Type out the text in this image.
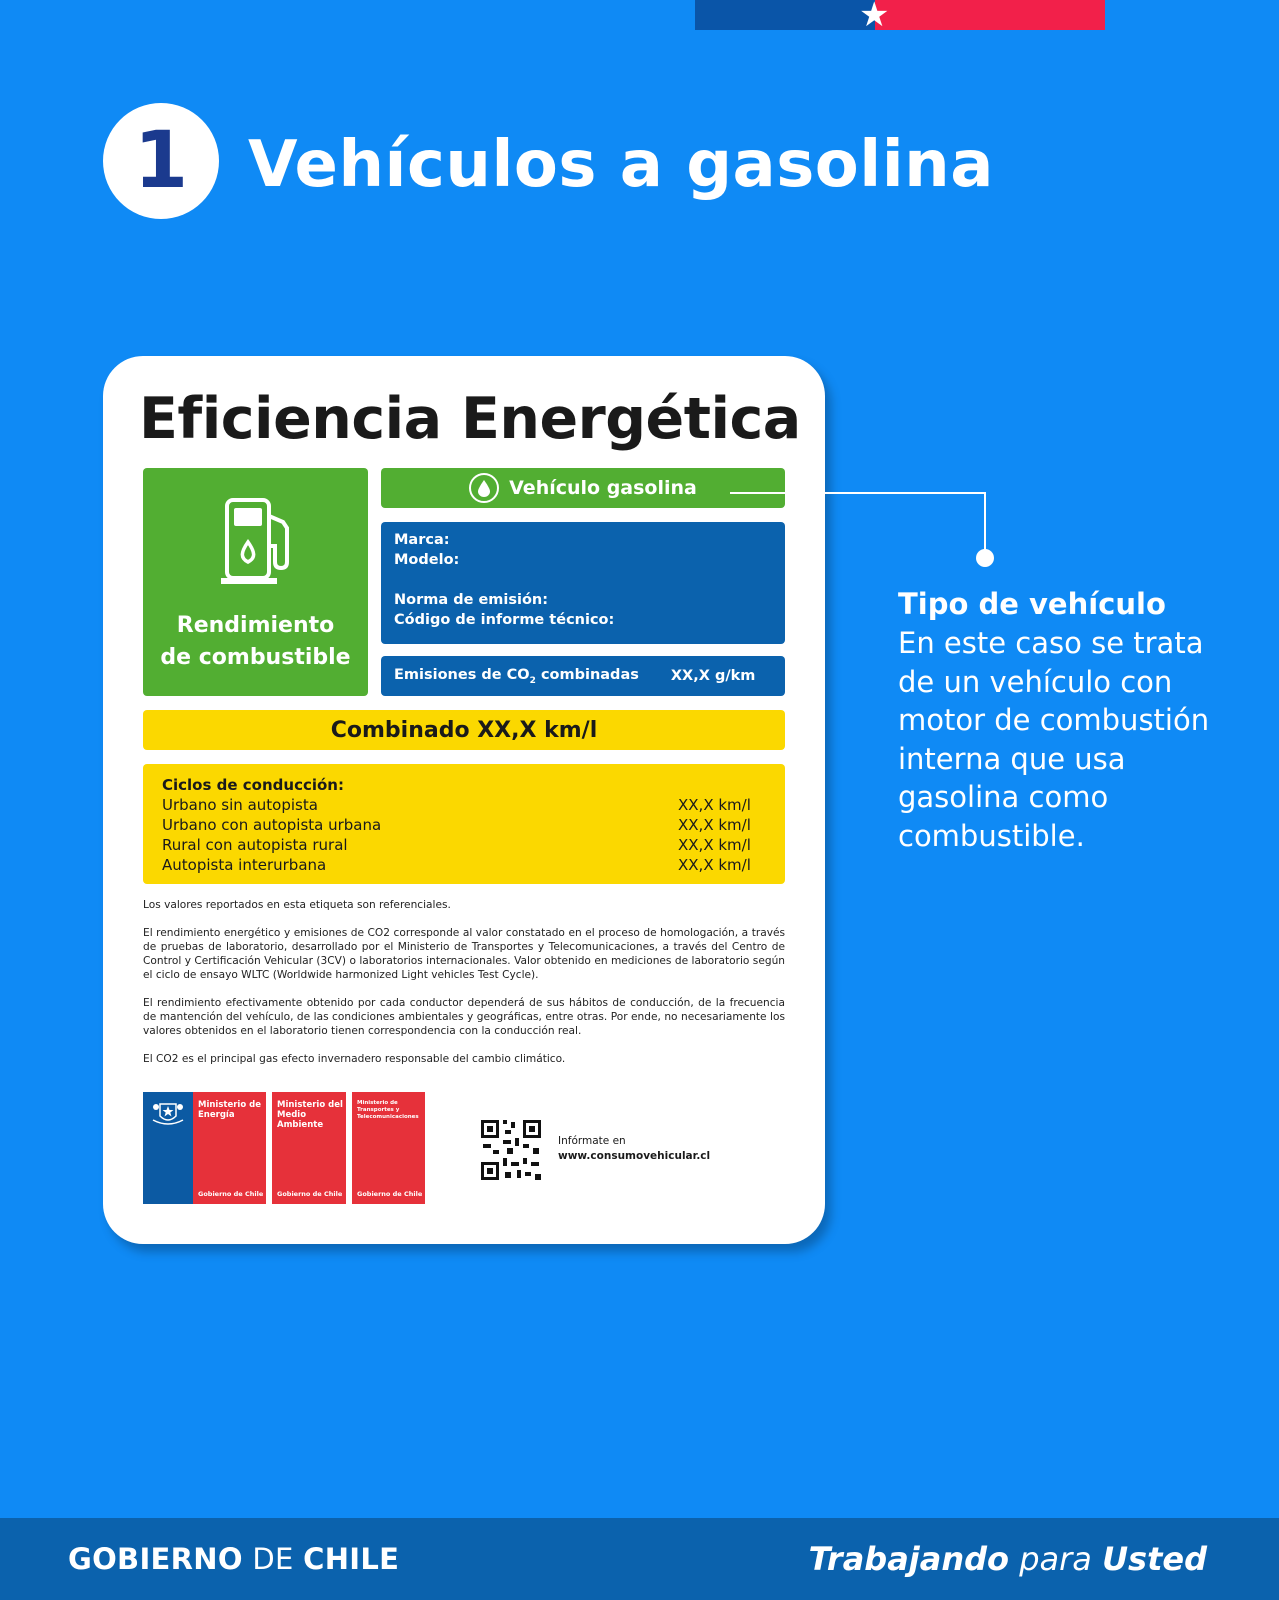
★
1 Vehículos a gasolina
Eficiencia Energética
Rendimiento
de combustible
Vehículo gasolina
Marca:
Modelo:
Norma de emisión:
Código de informe técnico:
Emisiones de $CO_2$ combinadas XX,X g/km
Combinado XX,X km/l
Ciclos de conducción:
Urbano sin autopista	XX,X km/l
Urbano con autopista urbana	XX,X km/l
Rural con autopista rural	XX,X km/l
Autopista interurbana	XX,X km/l

Los valores reportados en esta etiqueta son referenciales.

El rendimiento energético y emisiones de CO2 corresponde al valor constatado en el proceso de homologación, a través de pruebas de laboratorio, desarrollado por el Ministerio de Transportes y Telecomunicaciones, a través del Centro de Control y Certificación Vehicular (3CV) o laboratorios internacionales. Valor obtenido en mediciones de laboratorio según el ciclo de ensayo WLTC (Worldwide harmonized Light vehicles Test Cycle).

El rendimiento efectivamente obtenido por cada conductor dependerá de sus hábitos de conducción, de la frecuencia de mantención del vehículo, de las condiciones ambientales y geográficas, entre otras. Por ende, no necesariamente los valores obtenidos en el laboratorio tienen correspondencia con la conducción real.

El CO2 es el principal gas efecto invernadero responsable del cambio climático.

Ministerio de Energía
Gobierno de Chile
Ministerio del Medio Ambiente
Gobierno de Chile
Ministerio de Transportes y Telecomunicaciones
Gobierno de Chile
Infórmate en
www.consumovehicular.cl
Tipo de vehículo
En este caso se trata de un vehículo con motor de combustión interna que usa gasolina como combustible.
GOBIERNO DE CHILE	Trabajando para Usted
